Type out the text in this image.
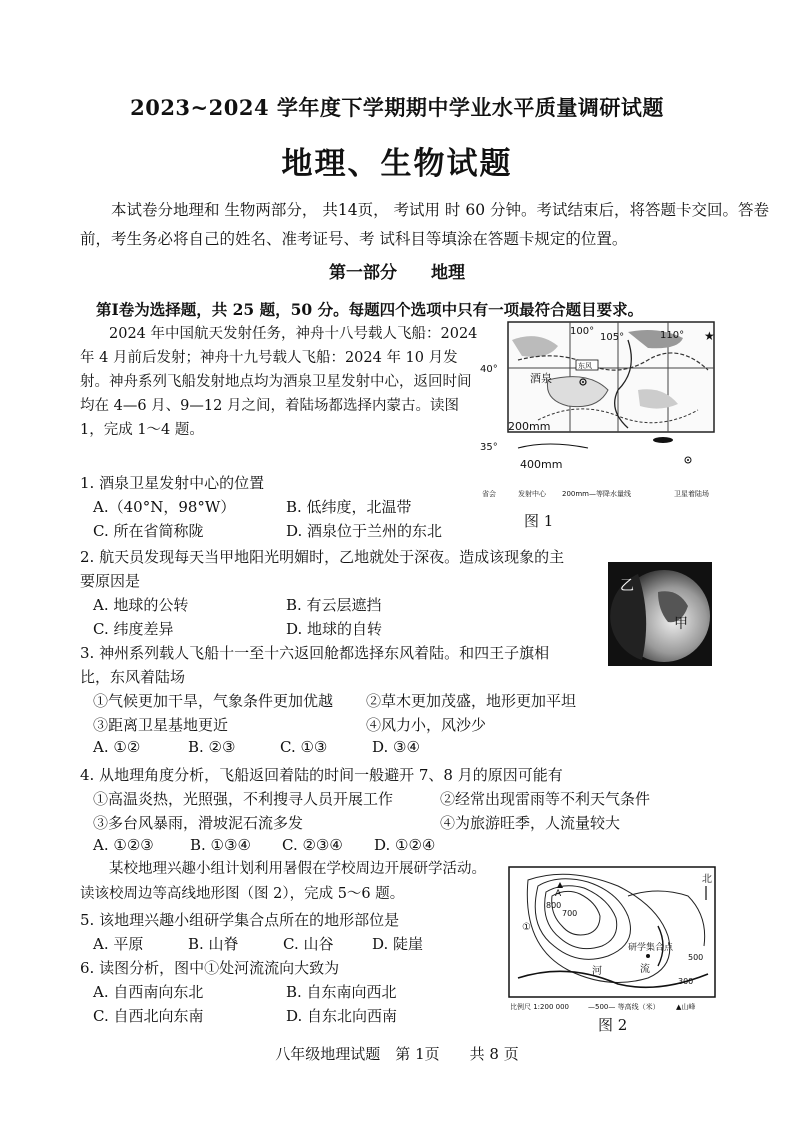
2023~2024 学年度下学期期中学业水平质量调研试题
地理、生物试题
本试卷分地理和 生物两部分， 共14页， 考试用 时 60 分钟。考试结束后，将答题卡交回。答卷前，考生务必将自己的姓名、准考证号、考 试科目等填涂在答题卡规定的位置。
第一部分　　地理
第Ⅰ卷为选择题，共 25 题，50 分。每题四个选项中只有一项最符合题目要求。
2024 年中国航天发射任务，神舟十八号载人飞船：2024 年 4 月前后发射；神舟十九号载人飞船：2024 年 10 月发射。神舟系列飞船发射地点均为酒泉卫星发射中心，返回时间均在 4—6 月、9—12 月之间，着陆场都选择内蒙古。读图 1，完成 1～4 题。
★
100°
105°	110°
40°
35°
酒泉
东风
200mm
400mm
省会	发射中心 200mm—等降水量线	卫星着陆场
图 1
1. 酒泉卫星发射中心的位置
A.（40°N，98°W）	B. 低纬度，北温带
C. 所在省简称陇	D. 酒泉位于兰州的东北
2. 航天员发现每天当甲地阳光明媚时，乙地就处于深夜。造成该现象的主
要原因是
A. 地球的公转	B. 有云层遮挡
C. 纬度差异	D. 地球的自转
乙
甲
3. 神州系列载人飞船十一至十六返回舱都选择东风着陆。和四王子旗相
比，东风着陆场
①气候更加干旱，气象条件更加优越 ②草木更加茂盛，地形更加平坦
③距离卫星基地更近	④风力小，风沙少
A. ①②	B. ②③	C. ①③	D. ③④
4. 从地理角度分析，飞船返回着陆的时间一般避开 7、8 月的原因可能有
①高温炎热，光照强，不利搜寻人员开展工作	②经常出现雷雨等不利天气条件
③多台风暴雨，滑坡泥石流多发	④为旅游旺季，人流量较大
A. ①②③ B. ①③④ C. ②③④ D. ①②④
某校地理兴趣小组计划利用暑假在学校周边开展研学活动。读该校周边等高线地形图（图 2），完成 5～6 题。
5. 该地理兴趣小组研学集合点所在的地形部位是
A. 平原	B. 山脊	C. 山谷	D. 陡崖
6. 读图分析，图中①处河流流向大致为
A. 自西南向东北	B. 自东南向西北
C. 自西北向东南	D. 自东北向西南
北
A
800
700
①
研学集合点
河	流
300
500
比例尺 1:200 000	—500— 等高线（米） ▲山峰
图 2
八年级地理试题　第 1页　　共 8 页
